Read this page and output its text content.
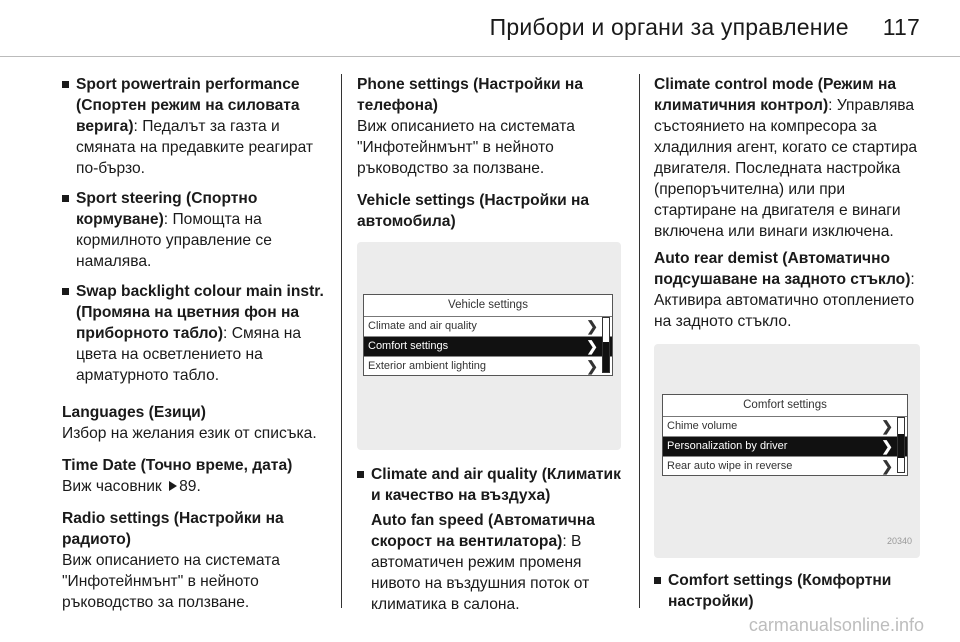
Прибори и органи за управление 117
Sport powertrain performance (Спортен режим на силовата верига): Педалът за газта и смяната на предавките реагират по-бързо.
Sport steering (Спортно кормуване): Помощта на кормилното управление се намалява.
Swap backlight colour main instr. (Промяна на цветния фон на приборното табло): Смяна на цвета на осветлението на арматурното табло.
Languages (Езици)
Избор на желания език от списъка.
Time Date (Точно време, дата)
Виж часовник 89.
Radio settings (Настройки на радиото)
Виж описанието на системата "Инфотейнмънт" в нейното ръководство за ползване.
Phone settings (Настройки на телефона)
Виж описанието на системата "Инфотейнмънт" в нейното ръководство за ползване.
Vehicle settings (Настройки на автомобила)
Vehicle settings
Climate and air quality	❯
Comfort settings	❯
Exterior ambient lighting	❯
Climate and air quality (Климатик и качество на въздуха)
Auto fan speed (Автоматична скорост на вентилатора): В автоматичен режим променя нивото на въздушния поток от климатика в салона.
Climate control mode (Режим на климатичния контрол): Управлява състоянието на компресора за хладилния агент, когато се стартира двигателя. Последната настройка (препоръчителна) или при стартиране на двигателя е винаги включена или винаги изключена.
Auto rear demist (Автоматично подсушаване на задното стъкло): Активира автоматично отоплението на задното стъкло.
Comfort settings
Chime volume	❯
Personalization by driver	❯
Rear auto wipe in reverse	❯
20340
Comfort settings (Комфортни настройки)
carmanualsonline.info
